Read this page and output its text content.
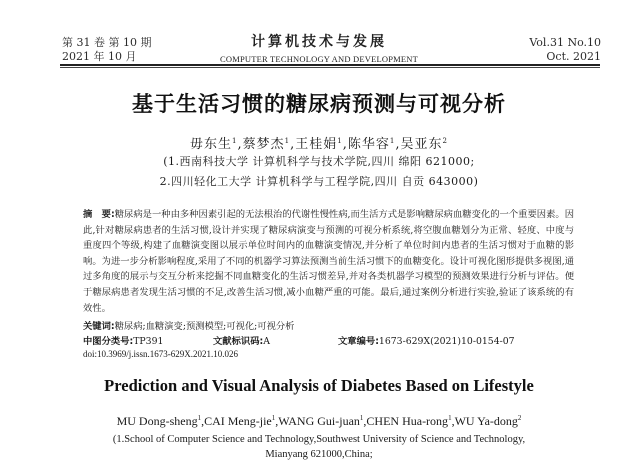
第 31 卷 第 10 期
2021 年 10 月
计算机技术与发展
COMPUTER TECHNOLOGY AND DEVELOPMENT
Vol.31 No.10
Oct. 2021
基于生活习惯的糖尿病预测与可视分析
毋东生$^1$,蔡梦杰$^1$,王桂娟$^1$,陈华容$^1$,吴亚东$^2$
(1.西南科技大学 计算机科学与技术学院,四川 绵阳 621000;
2.四川轻化工大学 计算机科学与工程学院,四川 自贡 643000)
摘　要:糖尿病是一种由多种因素引起的无法根治的代谢性慢性病,而生活方式是影响糖尿病血糖变化的一个重要因素。因此,针对糖尿病患者的生活习惯,设计并实现了糖尿病演变与预测的可视分析系统,将空腹血糖划分为正常、轻度、中度与重度四个等级,构建了血糖演变图以展示单位时间内的血糖演变情况,并分析了单位时间内患者的生活习惯对于血糖的影响。为进一步分析影响程度,采用了不同的机器学习算法预测当前生活习惯下的血糖变化。设计可视化图形提供多视图,通过多角度的展示与交互分析来挖掘不同血糖变化的生活习惯差异,并对各类机器学习模型的预测效果进行分析与评估。便于糖尿病患者发现生活习惯的不足,改善生活习惯,减小血糖严重的可能。最后,通过案例分析进行实验,验证了该系统的有效性。
关键词:糖尿病;血糖演变;预测模型;可视化;可视分析
中图分类号:TP391	文献标识码:A	文章编号:1673-629X(2021)10-0154-07
doi:10.3969/j.issn.1673-629X.2021.10.026
Prediction and Visual Analysis of Diabetes Based on Lifestyle
MU Dong-sheng$^1$,CAI Meng-jie$^1$,WANG Gui-juan$^1$,CHEN Hua-rong$^1$,WU Ya-dong$^2$
(1.School of Computer Science and Technology,Southwest University of Science and Technology,
Mianyang 621000,China;
